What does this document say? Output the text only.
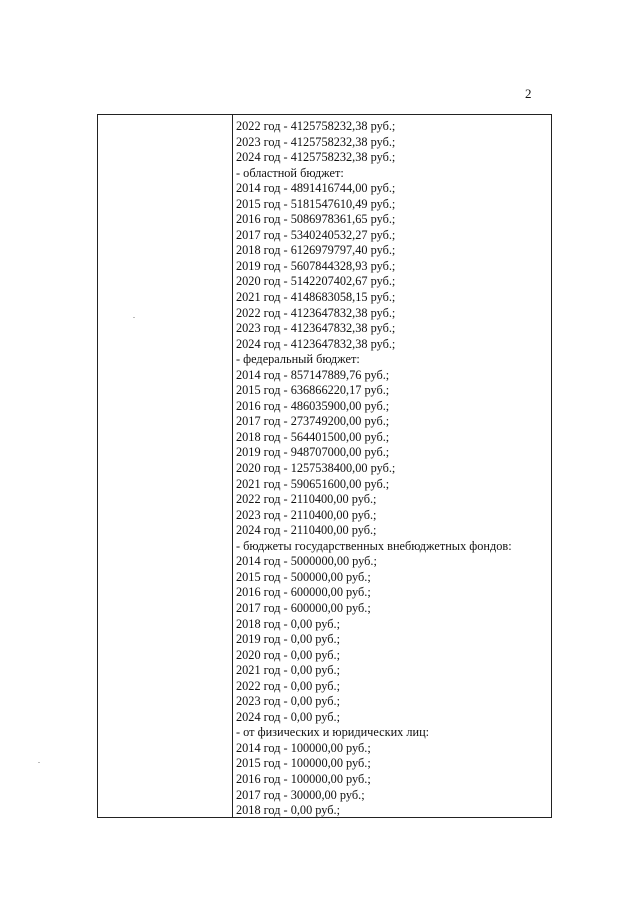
2
2022 год - 4125758232,38 руб.;
2023 год - 4125758232,38 руб.;
2024 год - 4125758232,38 руб.;
- областной бюджет:
2014 год - 4891416744,00 руб.;
2015 год - 5181547610,49 руб.;
2016 год - 5086978361,65 руб.;
2017 год - 5340240532,27 руб.;
2018 год - 6126979797,40 руб.;
2019 год - 5607844328,93 руб.;
2020 год - 5142207402,67 руб.;
2021 год - 4148683058,15 руб.;
2022 год - 4123647832,38 руб.;
2023 год - 4123647832,38 руб.;
2024 год - 4123647832,38 руб.;
- федеральный бюджет:
2014 год - 857147889,76 руб.;
2015 год - 636866220,17 руб.;
2016 год - 486035900,00 руб.;
2017 год - 273749200,00 руб.;
2018 год - 564401500,00 руб.;
2019 год - 948707000,00 руб.;
2020 год - 1257538400,00 руб.;
2021 год - 590651600,00 руб.;
2022 год - 2110400,00 руб.;
2023 год - 2110400,00 руб.;
2024 год - 2110400,00 руб.;
- бюджеты государственных внебюджетных фондов:
2014 год - 5000000,00 руб.;
2015 год - 500000,00 руб.;
2016 год - 600000,00 руб.;
2017 год - 600000,00 руб.;
2018 год - 0,00 руб.;
2019 год - 0,00 руб.;
2020 год - 0,00 руб.;
2021 год - 0,00 руб.;
2022 год - 0,00 руб.;
2023 год - 0,00 руб.;
2024 год - 0,00 руб.;
- от физических и юридических лиц:
2014 год - 100000,00 руб.;
2015 год - 100000,00 руб.;
2016 год - 100000,00 руб.;
2017 год - 30000,00 руб.;
2018 год - 0,00 руб.;
